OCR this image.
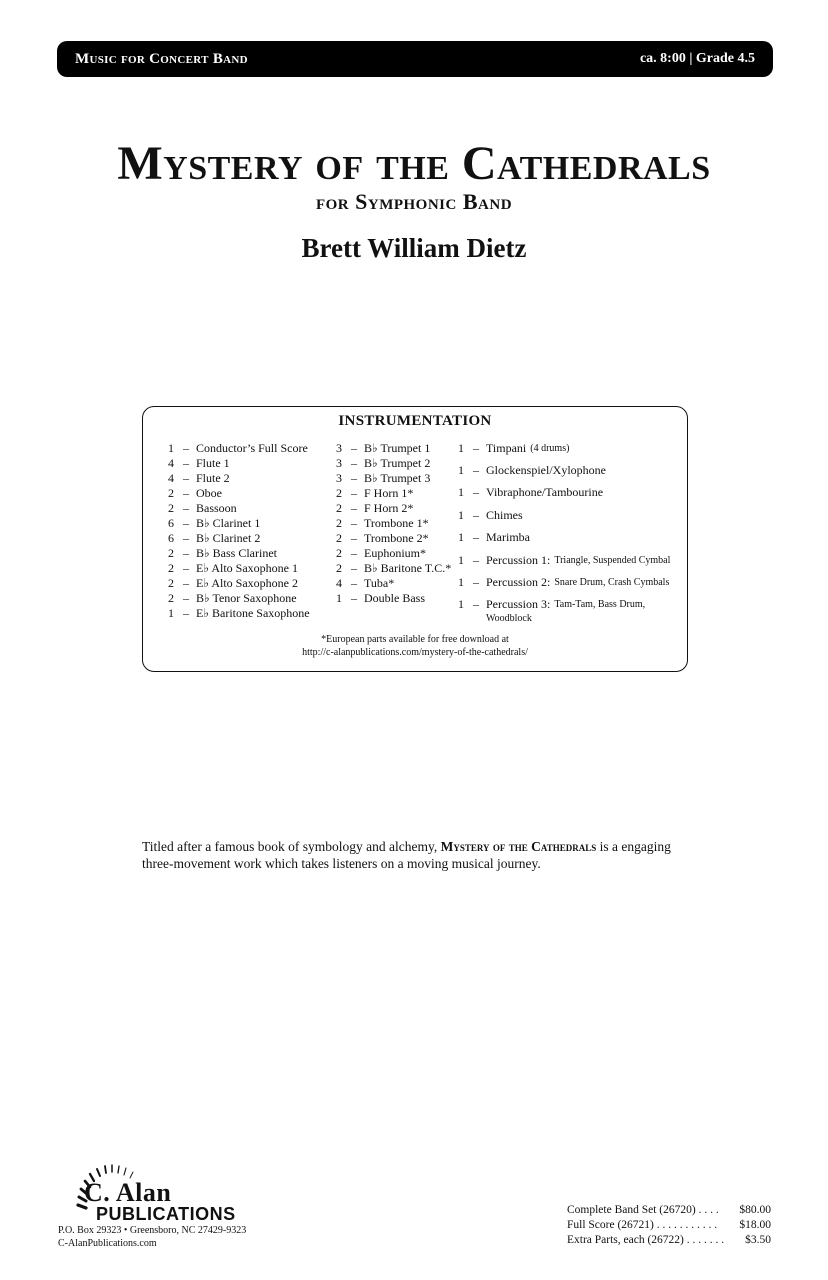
Music for Concert Band	ca. 8:00 | Grade 4.5
Mystery of the Cathedrals
for Symphonic Band
Brett William Dietz
INSTRUMENTATION
1 – Conductor’s Full Score
4 – Flute 1
4 – Flute 2
2 – Oboe
2 – Bassoon
6 – B♭ Clarinet 1
6 – B♭ Clarinet 2
2 – B♭ Bass Clarinet
2 – E♭ Alto Saxophone 1
2 – E♭ Alto Saxophone 2
2 – B♭ Tenor Saxophone
1 – E♭ Baritone Saxophone
3 – B♭ Trumpet 1
3 – B♭ Trumpet 2
3 – B♭ Trumpet 3
2 – F Horn 1*
2 – F Horn 2*
2 – Trombone 1*
2 – Trombone 2*
2 – Euphonium*
2 – B♭ Baritone T.C.*
4 – Tuba*
1 – Double Bass
1 – Timpani (4 drums)
1 – Glockenspiel/Xylophone
1 – Vibraphone/Tambourine
1 – Chimes
1 – Marimba
1 – Percussion 1: Triangle, Suspended Cymbal
1 – Percussion 2: Snare Drum, Crash Cymbals
1 – Percussion 3: Tam-Tam, Bass Drum,
Woodblock
*European parts available for free download at
http://c-alanpublications.com/mystery-of-the-cathedrals/
Titled after a famous book of symbology and alchemy, Mystery of the Cathedrals is a engaging three-movement work which takes listeners on a moving musical journey.
C. Alan
PUBLICATIONS
P.O. Box 29323 • Greensboro, NC 27429-9323
C-AlanPublications.com
Complete Band Set (26720) . . . . $80.00
Full Score (26721) . . . . . . . . . . . $18.00
Extra Parts, each (26722) . . . . . . . $3.50
